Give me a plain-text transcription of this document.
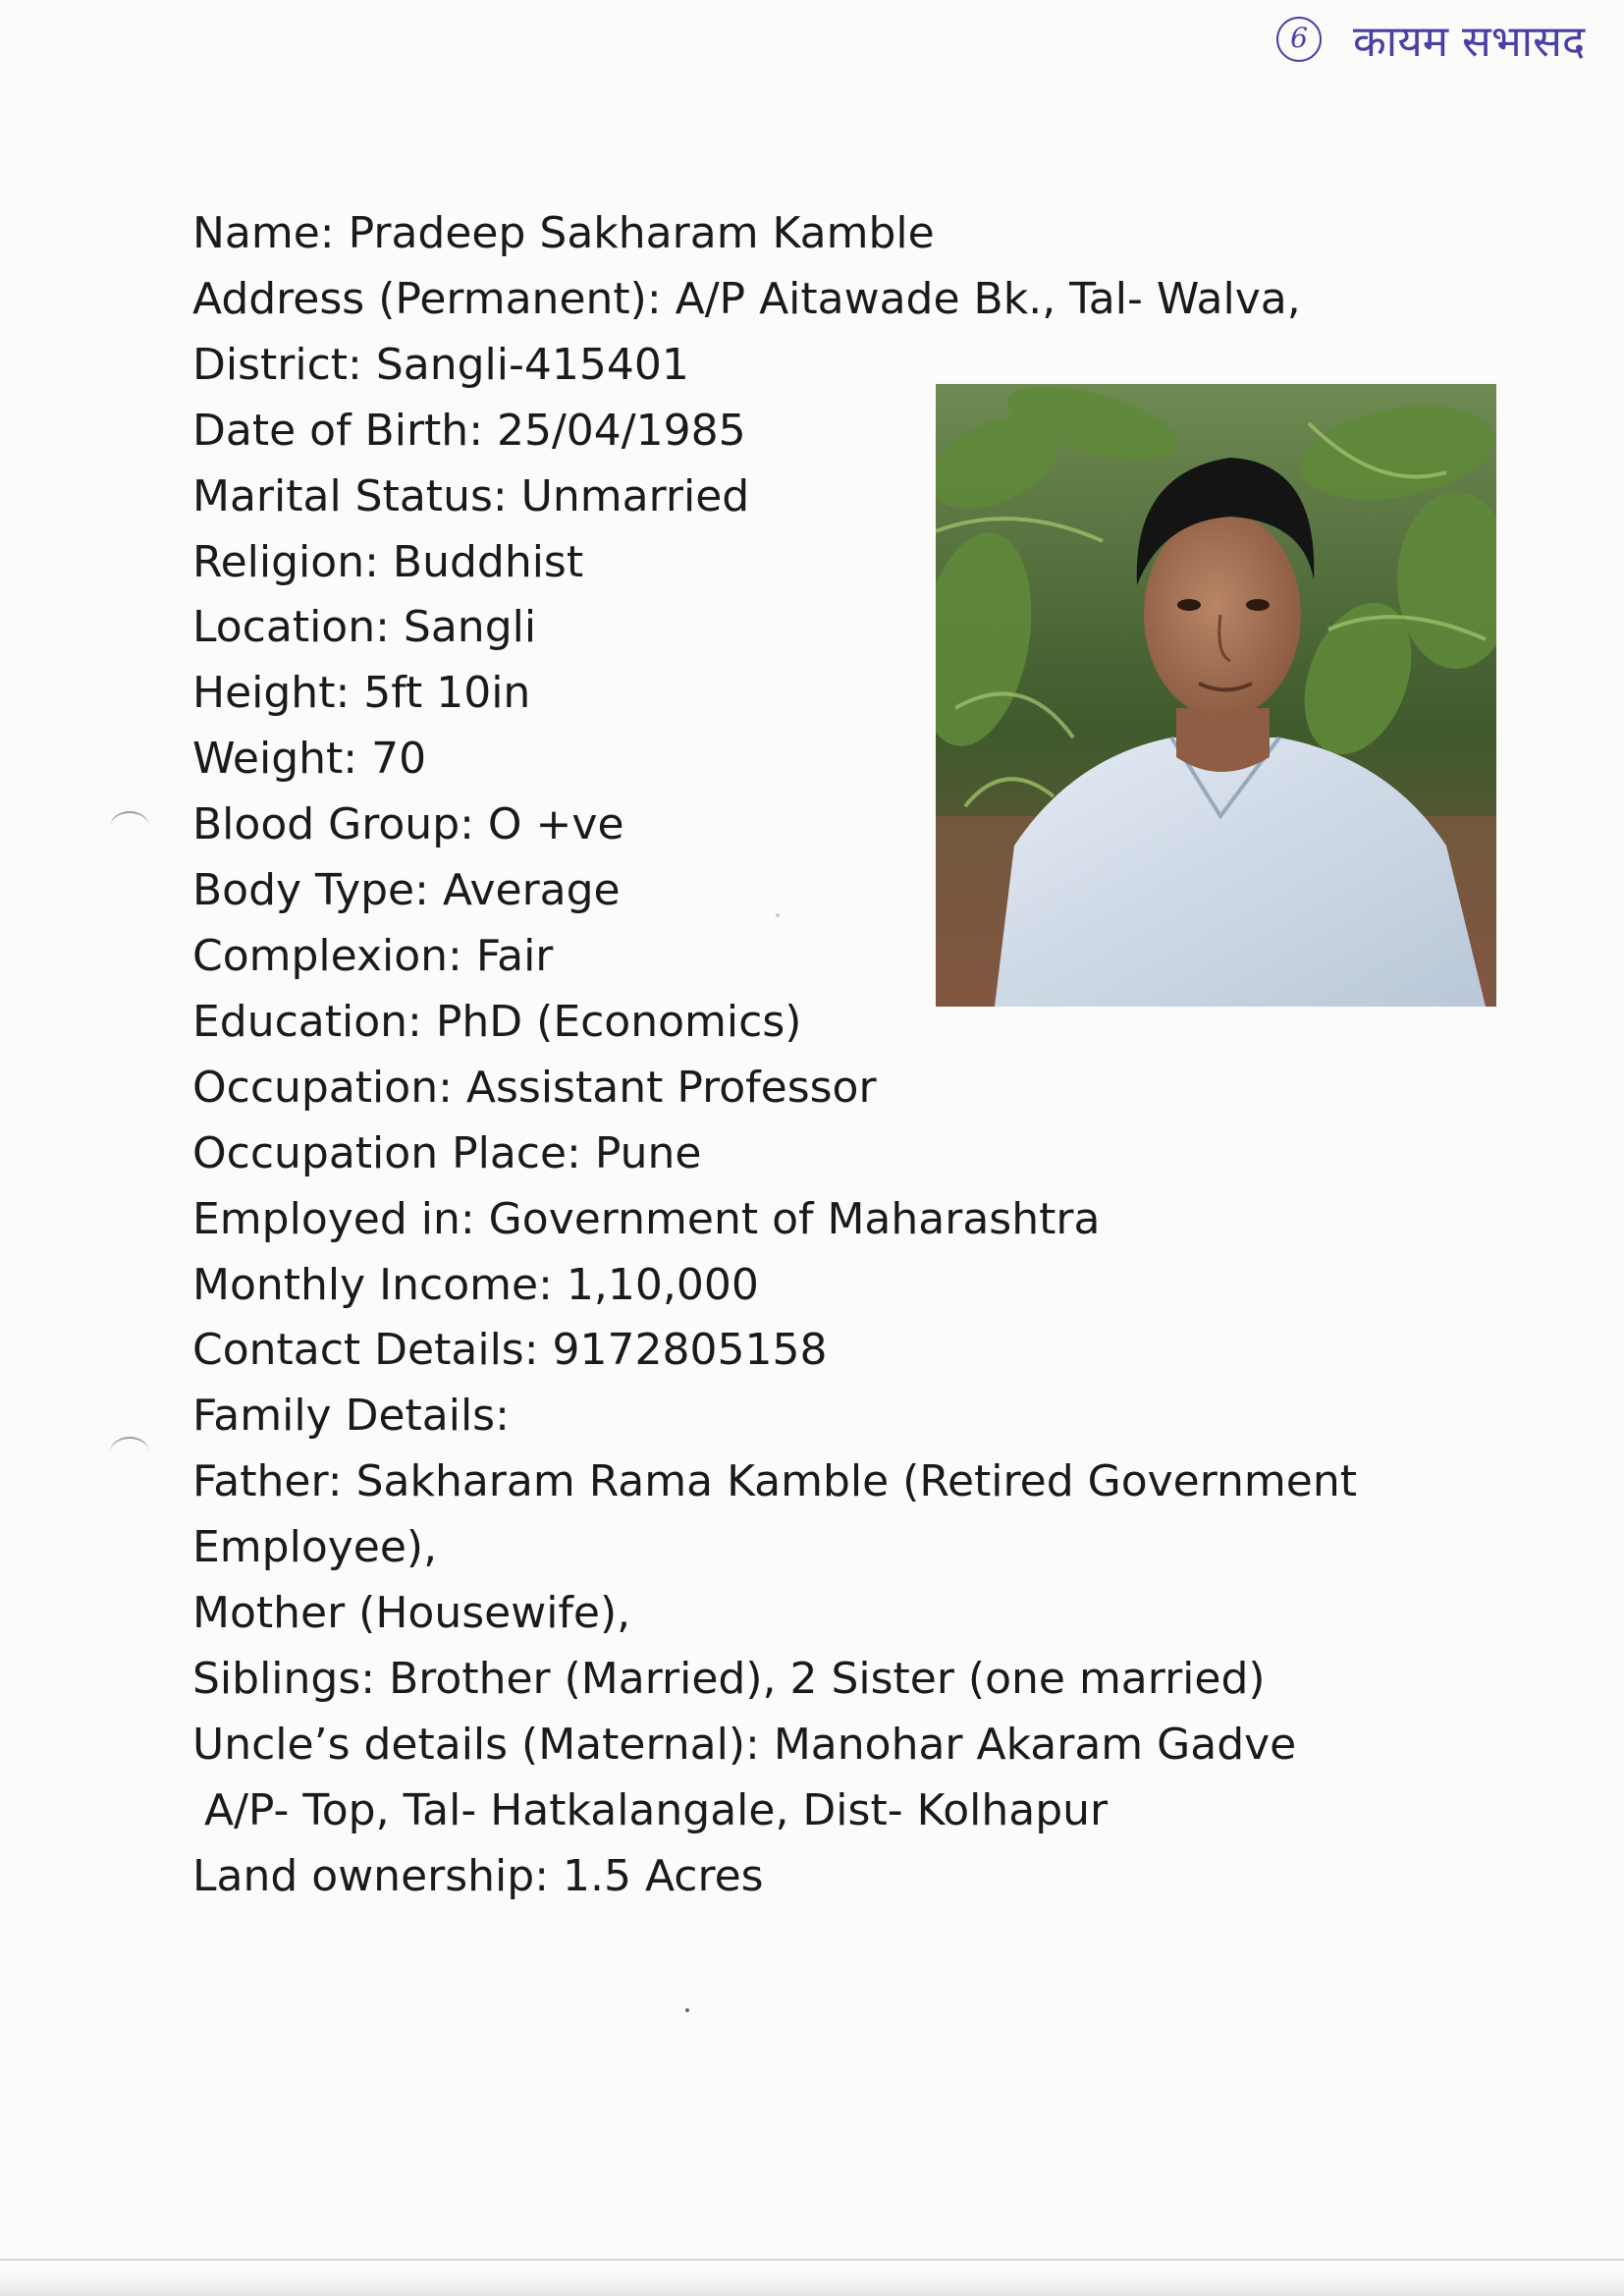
6 कायम सभासद
Name: Pradeep Sakharam Kamble
Address (Permanent): A/P Aitawade Bk., Tal- Walva,
District: Sangli-415401
Date of Birth: 25/04/1985
Marital Status: Unmarried
Religion: Buddhist
Location: Sangli
Height: 5ft 10in
Weight: 70
Blood Group: O +ve
Body Type: Average
Complexion: Fair
Education: PhD (Economics)
Occupation: Assistant Professor
Occupation Place: Pune
Employed in: Government of Maharashtra
Monthly Income: 1,10,000
Contact Details: 9172805158
Family Details:
Father: Sakharam Rama Kamble (Retired Government
Employee),
Mother (Housewife),
Siblings: Brother (Married), 2 Sister (one married)
Uncle’s details (Maternal): Manohar Akaram Gadve
A/P- Top, Tal- Hatkalangale, Dist- Kolhapur
Land ownership: 1.5 Acres
